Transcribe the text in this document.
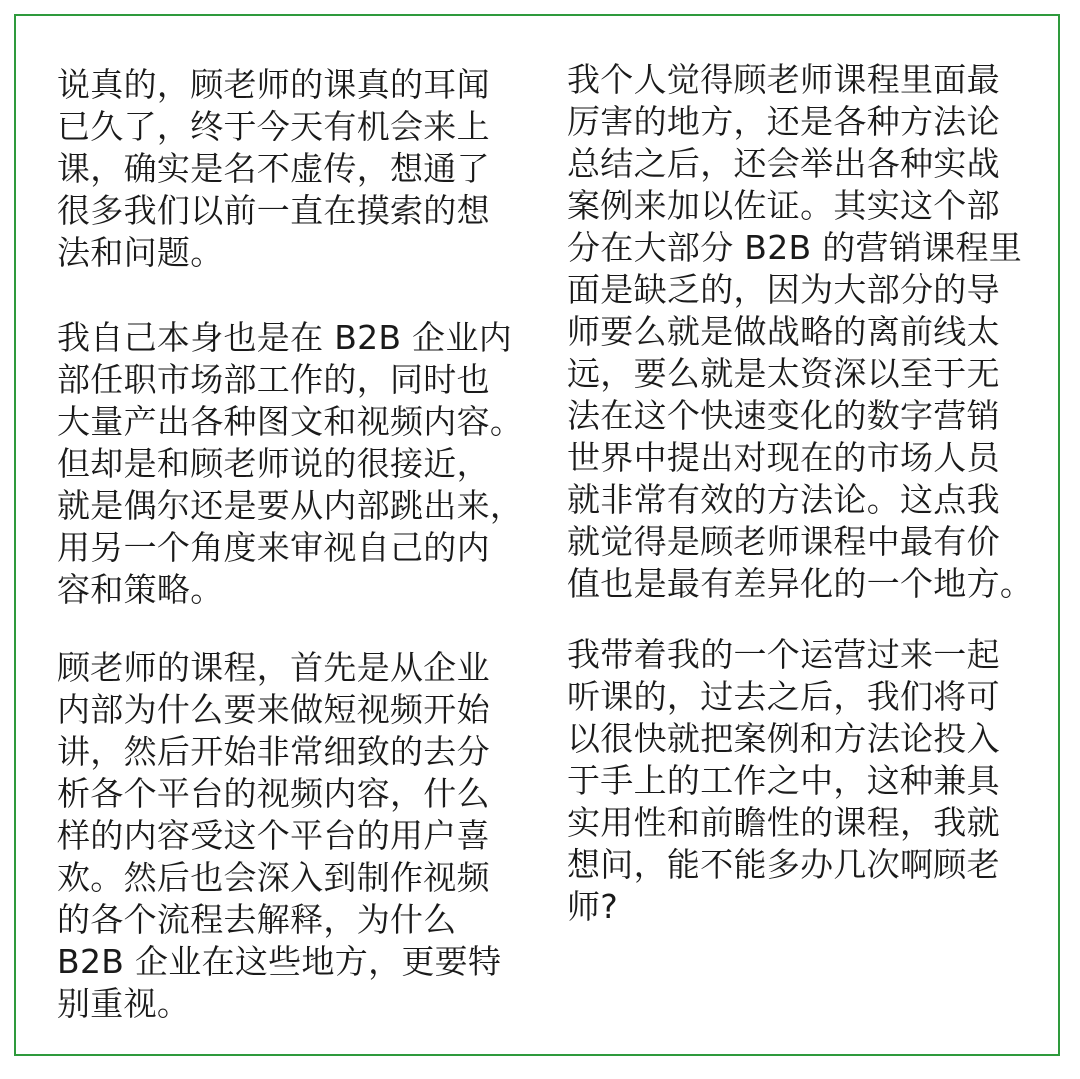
说真的，顾老师的课真的耳闻
已久了，终于今天有机会来上
课，确实是名不虚传，想通了
很多我们以前一直在摸索的想
法和问题。
我自己本身也是在 B2B 企业内
部任职市场部工作的，同时也
大量产出各种图文和视频内容。
但却是和顾老师说的很接近，
就是偶尔还是要从内部跳出来，
用另一个角度来审视自己的内
容和策略。
顾老师的课程，首先是从企业
内部为什么要来做短视频开始
讲，然后开始非常细致的去分
析各个平台的视频内容，什么
样的内容受这个平台的用户喜
欢。然后也会深入到制作视频
的各个流程去解释，为什么
B2B 企业在这些地方，更要特
别重视。
我个人觉得顾老师课程里面最
厉害的地方，还是各种方法论
总结之后，还会举出各种实战
案例来加以佐证。其实这个部
分在大部分 B2B 的营销课程里
面是缺乏的，因为大部分的导
师要么就是做战略的离前线太
远，要么就是太资深以至于无
法在这个快速变化的数字营销
世界中提出对现在的市场人员
就非常有效的方法论。这点我
就觉得是顾老师课程中最有价
值也是最有差异化的一个地方。
我带着我的一个运营过来一起
听课的，过去之后，我们将可
以很快就把案例和方法论投入
于手上的工作之中，这种兼具
实用性和前瞻性的课程，我就
想问，能不能多办几次啊顾老
师?
